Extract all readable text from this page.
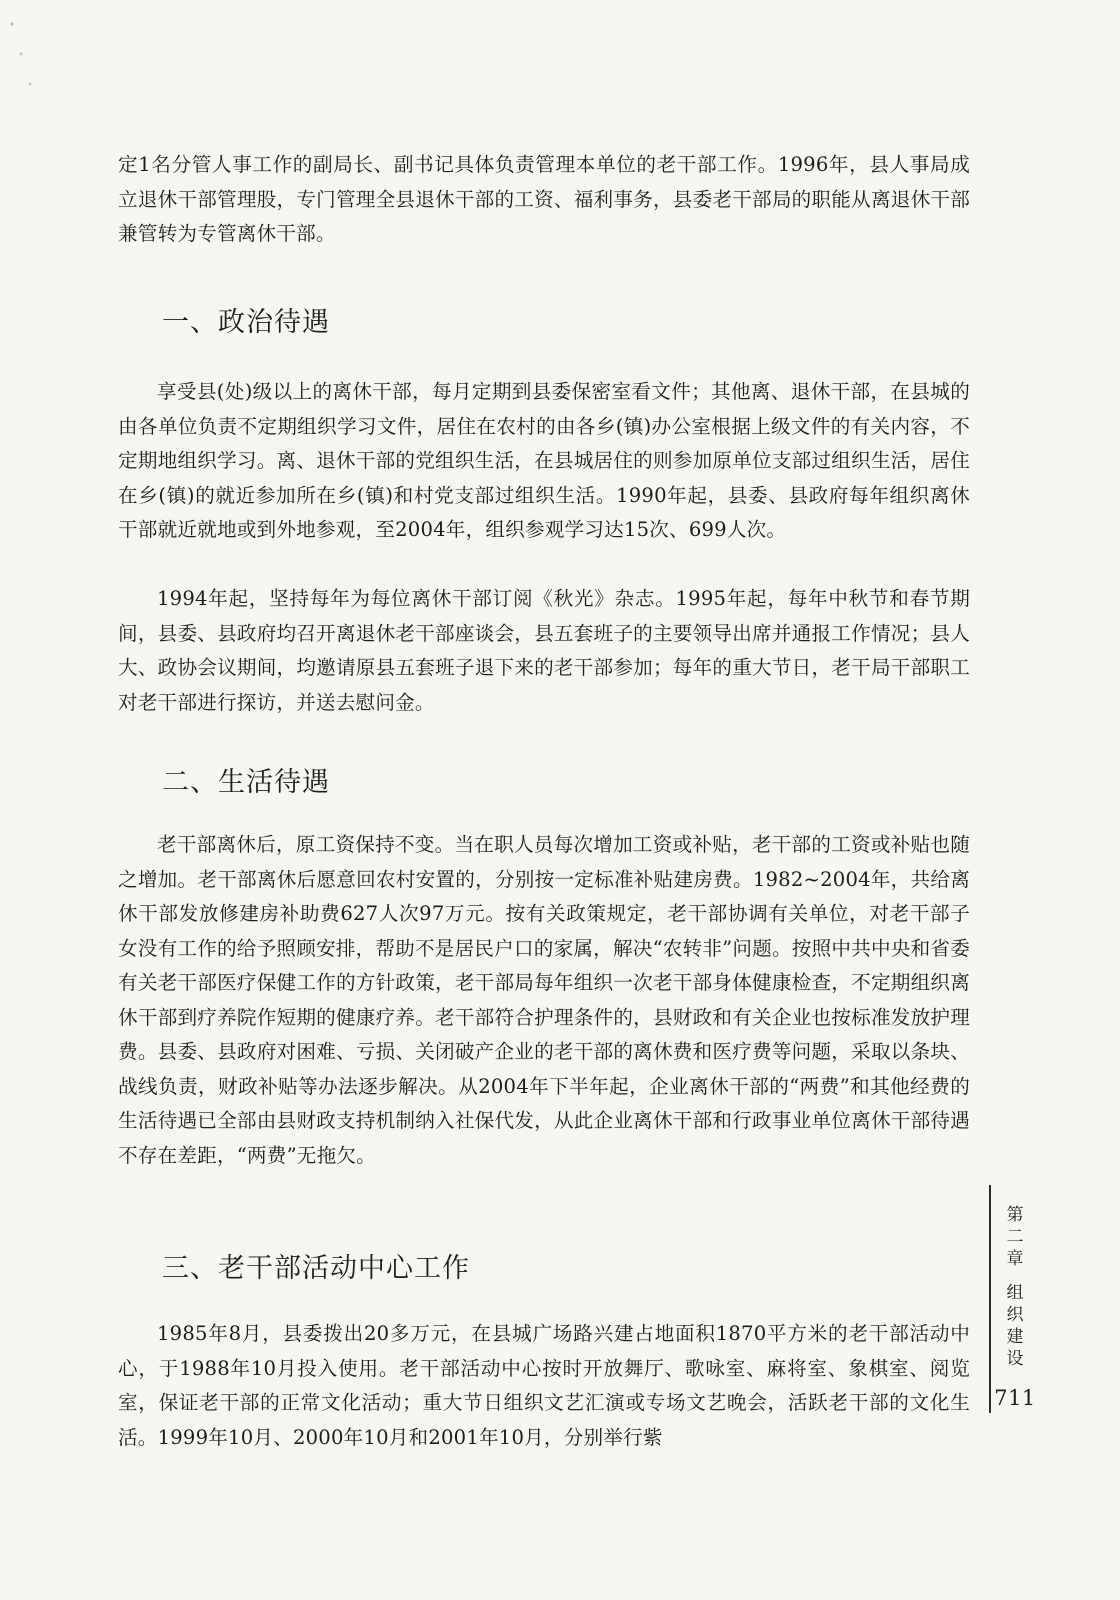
定1名分管人事工作的副局长、副书记具体负责管理本单位的老干部工作。1996年，县人事局成立退休干部管理股，专门管理全县退休干部的工资、福利事务，县委老干部局的职能从离退休干部兼管转为专管离休干部。

一、政治待遇

享受县(处)级以上的离休干部，每月定期到县委保密室看文件；其他离、退休干部，在县城的由各单位负责不定期组织学习文件，居住在农村的由各乡(镇)办公室根据上级文件的有关内容，不定期地组织学习。离、退休干部的党组织生活，在县城居住的则参加原单位支部过组织生活，居住在乡(镇)的就近参加所在乡(镇)和村党支部过组织生活。1990年起，县委、县政府每年组织离休干部就近就地或到外地参观，至2004年，组织参观学习达15次、699人次。

1994年起，坚持每年为每位离休干部订阅《秋光》杂志。1995年起，每年中秋节和春节期间，县委、县政府均召开离退休老干部座谈会，县五套班子的主要领导出席并通报工作情况；县人大、政协会议期间，均邀请原县五套班子退下来的老干部参加；每年的重大节日，老干局干部职工对老干部进行探访，并送去慰问金。

二、生活待遇

老干部离休后，原工资保持不变。当在职人员每次增加工资或补贴，老干部的工资或补贴也随之增加。老干部离休后愿意回农村安置的，分别按一定标准补贴建房费。1982~2004年，共给离休干部发放修建房补助费627人次97万元。按有关政策规定，老干部协调有关单位，对老干部子女没有工作的给予照顾安排，帮助不是居民户口的家属，解决“农转非”问题。按照中共中央和省委有关老干部医疗保健工作的方针政策，老干部局每年组织一次老干部身体健康检查，不定期组织离休干部到疗养院作短期的健康疗养。老干部符合护理条件的，县财政和有关企业也按标准发放护理费。县委、县政府对困难、亏损、关闭破产企业的老干部的离休费和医疗费等问题，采取以条块、战线负责，财政补贴等办法逐步解决。从2004年下半年起，企业离休干部的“两费”和其他经费的生活待遇已全部由县财政支持机制纳入社保代发，从此企业离休干部和行政事业单位离休干部待遇不存在差距，“两费”无拖欠。

三、老干部活动中心工作

1985年8月，县委拨出20多万元，在县城广场路兴建占地面积1870平方米的老干部活动中心，于1988年10月投入使用。老干部活动中心按时开放舞厅、歌咏室、麻将室、象棋室、阅览室，保证老干部的正常文化活动；重大节日组织文艺汇演或专场文艺晚会，活跃老干部的文化生活。1999年10月、2000年10月和2001年10月，分别举行紫

第
二
章
组
织
建
设
711
